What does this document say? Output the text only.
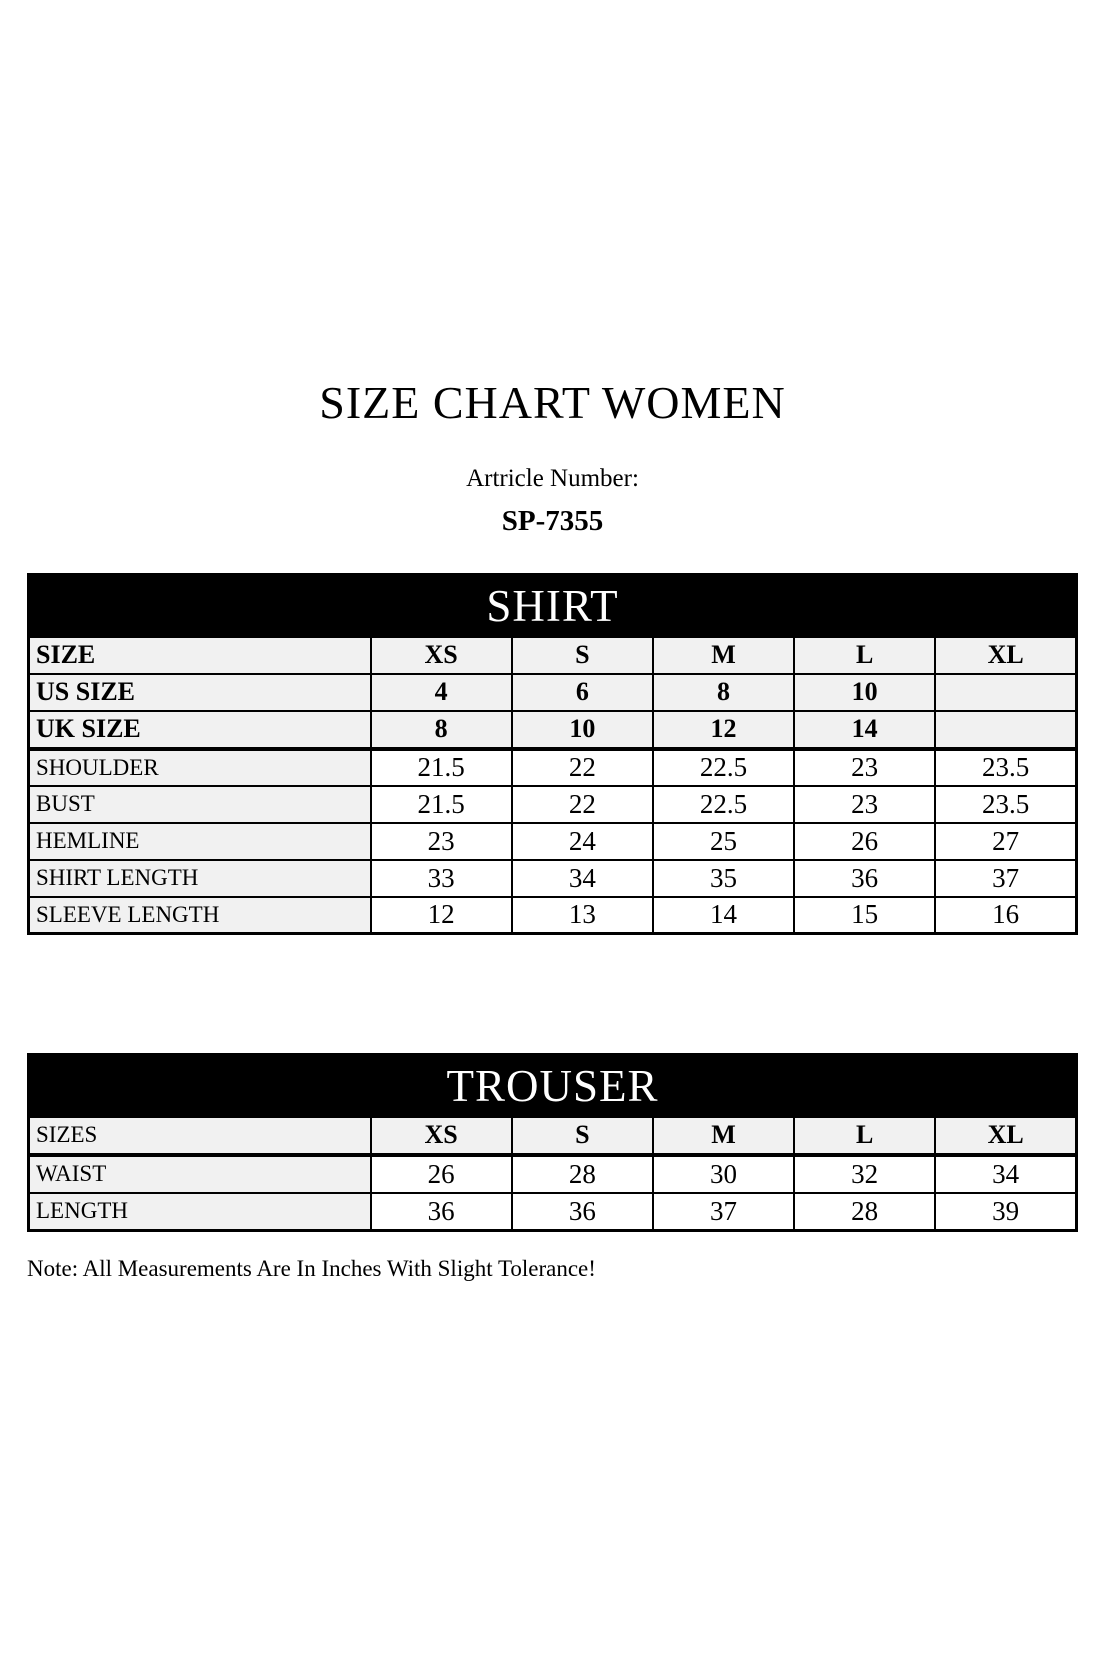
SIZE CHART WOMEN
Artricle Number:
SP-7355
SHIRT					
SIZE	XS	S	M	L	XL
US SIZE	4	6	8	10	
UK SIZE	8	10	12	14	
SHOULDER	21.5	22	22.5	23	23.5
BUST	21.5	22	22.5	23	23.5
HEMLINE	23	24	25	26	27
SHIRT LENGTH	33	34	35	36	37
SLEEVE LENGTH	12	13	14	15	16
TROUSER					
SIZES	XS	S	M	L	XL
WAIST	26	28	30	32	34
LENGTH	36	36	37	28	39
Note: All Measurements Are In Inches With Slight Tolerance!
